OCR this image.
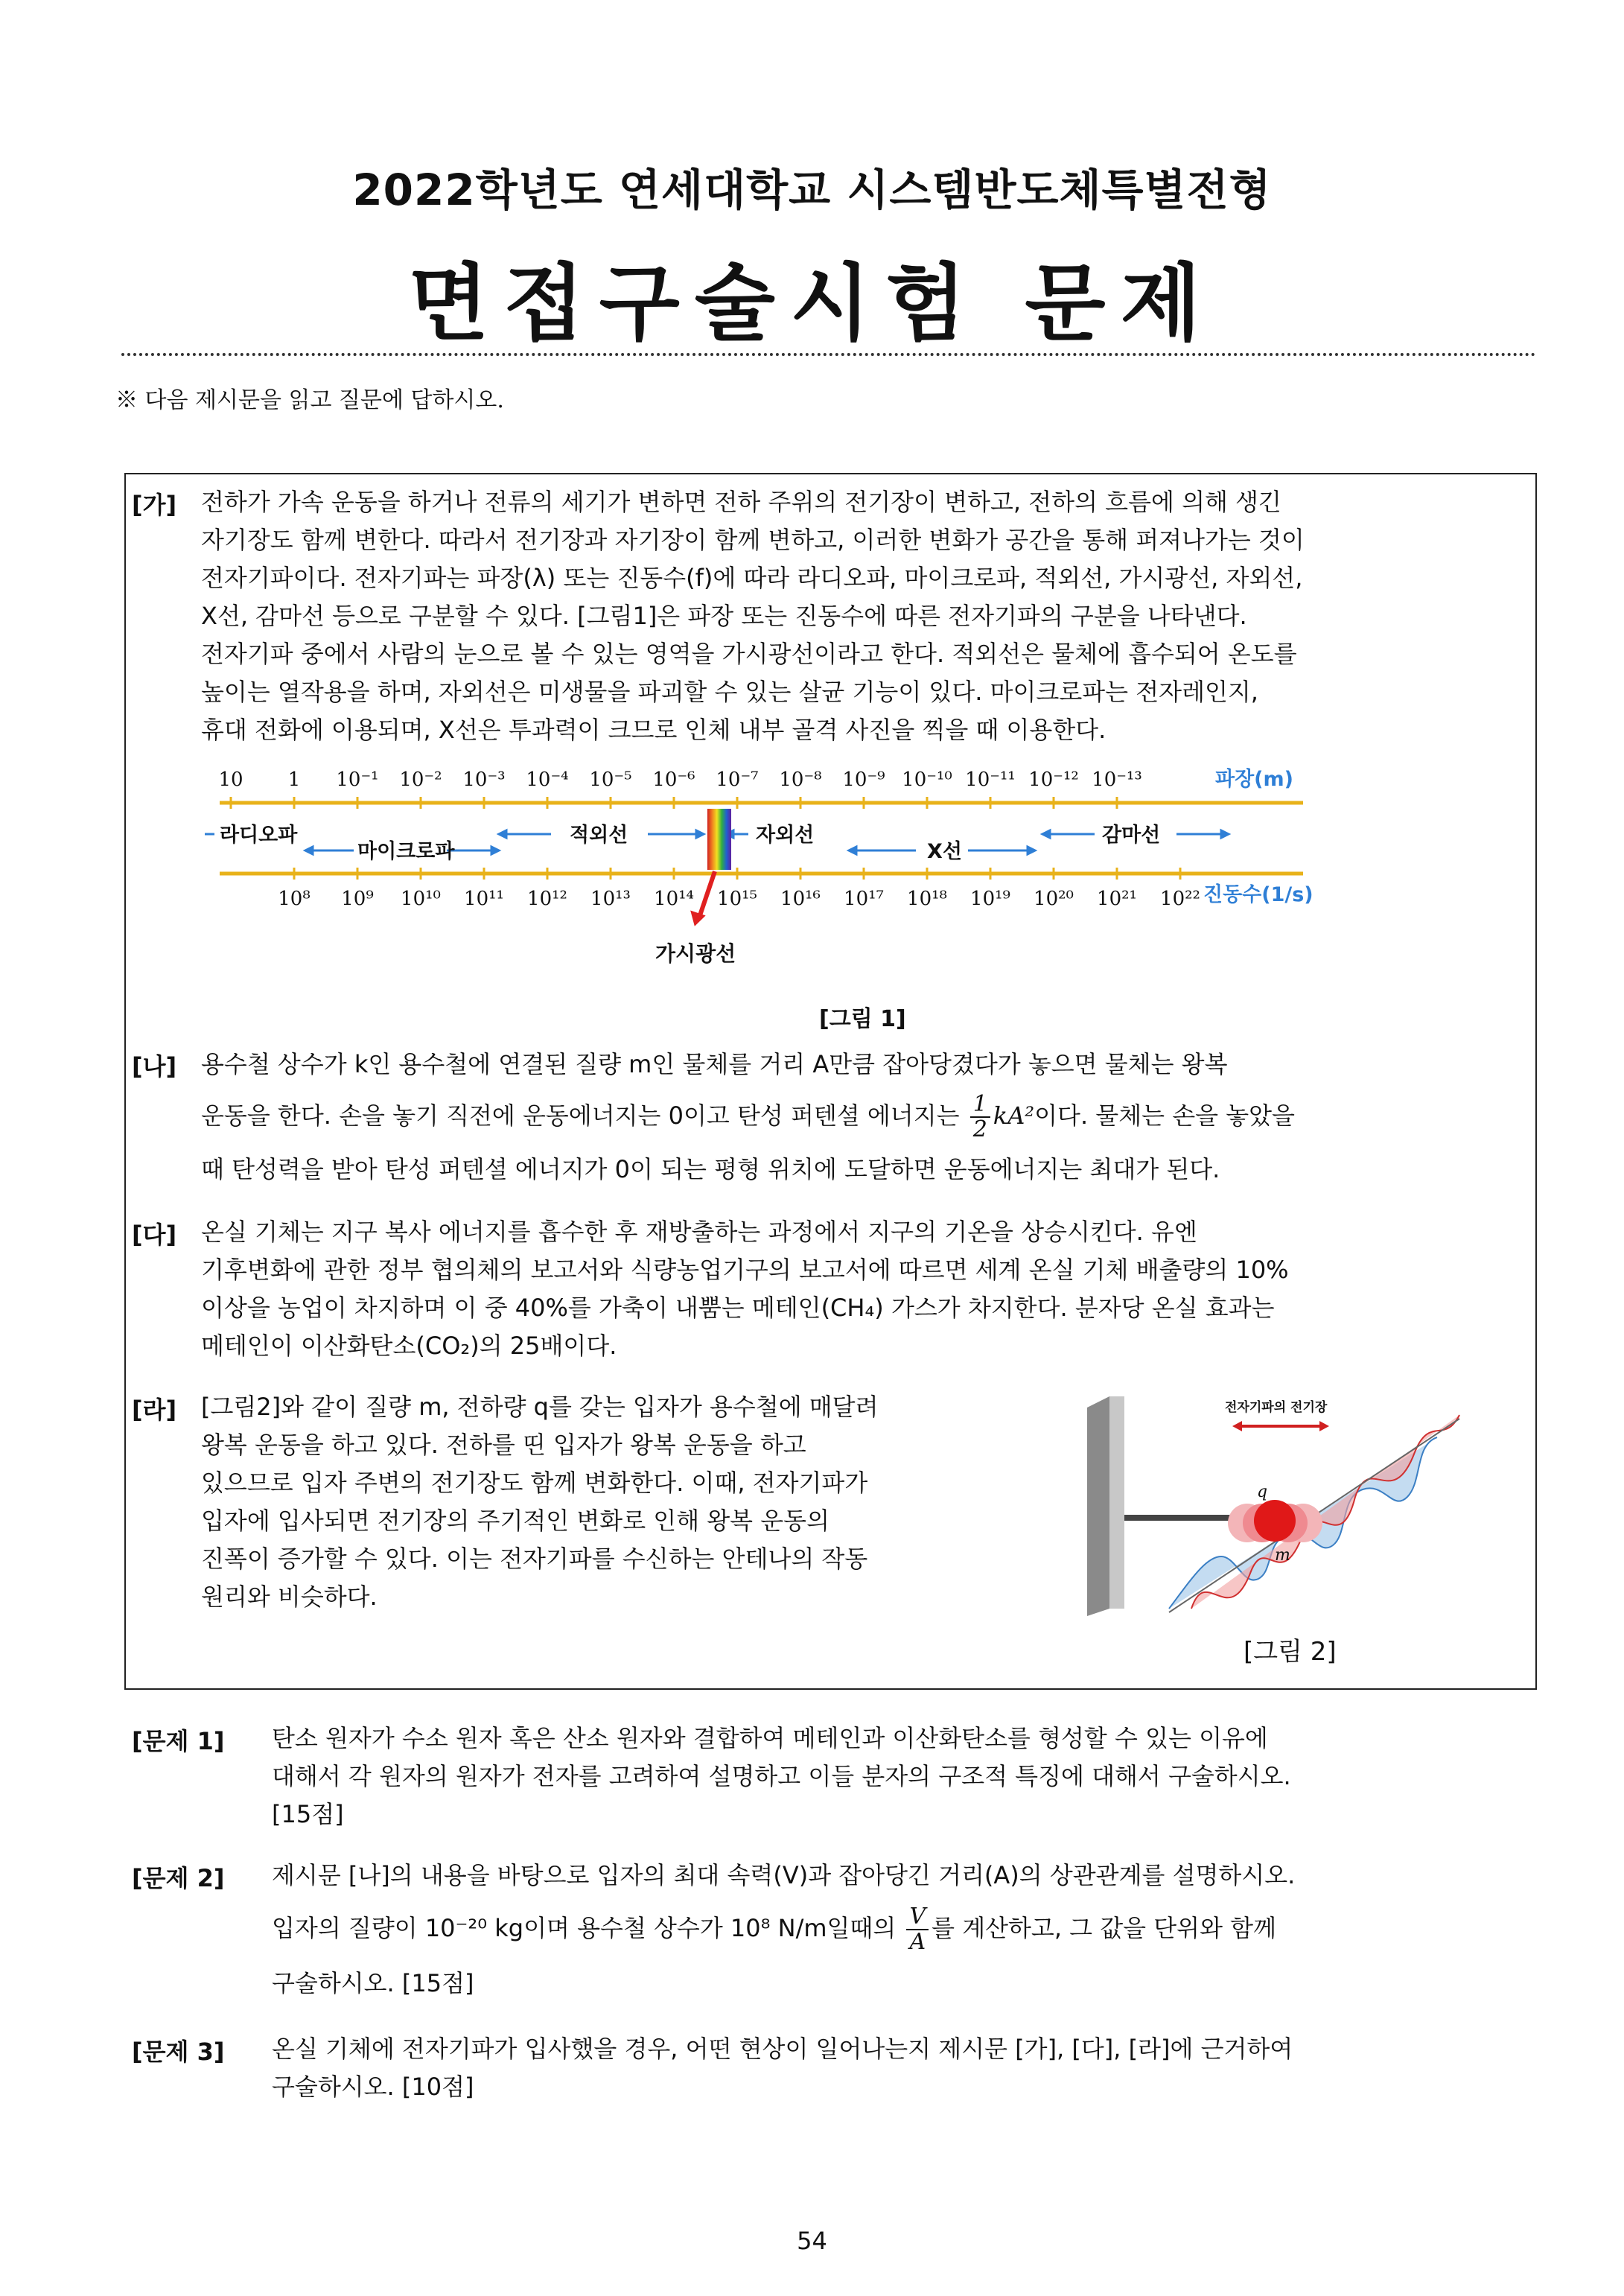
2022학년도 연세대학교 시스템반도체특별전형
면접구술시험 문제
※ 다음 제시문을 읽고 질문에 답하시오.
[가] 전하가 가속 운동을 하거나 전류의 세기가 변하면 전하 주위의 전기장이 변하고, 전하의 흐름에 의해 생긴

자기장도 함께 변한다. 따라서 전기장과 자기장이 함께 변하고, 이러한 변화가 공간을 통해 퍼져나가는 것이

전자기파이다. 전자기파는 파장(λ) 또는 진동수(f)에 따라 라디오파, 마이크로파, 적외선, 가시광선, 자외선,

X선, 감마선 등으로 구분할 수 있다. [그림1]은 파장 또는 진동수에 따른 전자기파의 구분을 나타낸다.

전자기파 중에서 사람의 눈으로 볼 수 있는 영역을 가시광선이라고 한다. 적외선은 물체에 흡수되어 온도를

높이는 열작용을 하며, 자외선은 미생물을 파괴할 수 있는 살균 기능이 있다. 마이크로파는 전자레인지,

휴대 전화에 이용되며, X선은 투과력이 크므로 인체 내부 골격 사진을 찍을 때 이용한다.

10 1 10⁻¹ 10⁻² 10⁻³ 10⁻⁴ 10⁻⁵ 10⁻⁶ 10⁻⁷ 10⁻⁸ 10⁻⁹ 10⁻¹⁰ 10⁻¹¹ 10⁻¹² 10⁻¹³
10⁸ 10⁹ 10¹⁰ 10¹¹ 10¹² 10¹³ 10¹⁴ 10¹⁵ 10¹⁶ 10¹⁷ 10¹⁸ 10¹⁹ 10²⁰ 10²¹ 10²²
파장(m)
진동수(1/s)
라디오파
마이크로파
적외선	자외선
X선
감마선
가시광선
[그림 1]
[나] 용수철 상수가 k인 용수철에 연결된 질량 m인 물체를 거리 A만큼 잡아당겼다가 놓으면 물체는 왕복

운동을 한다. 손을 놓기 직전에 운동에너지는 0이고 탄성 퍼텐셜 에너지는 $\frac{1}{2} kA^2$이다. 물체는 손을 놓았을

때 탄성력을 받아 탄성 퍼텐셜 에너지가 0이 되는 평형 위치에 도달하면 운동에너지는 최대가 된다.

[다] 온실 기체는 지구 복사 에너지를 흡수한 후 재방출하는 과정에서 지구의 기온을 상승시킨다. 유엔

기후변화에 관한 정부 협의체의 보고서와 식량농업기구의 보고서에 따르면 세계 온실 기체 배출량의 10%

이상을 농업이 차지하며 이 중 40%를 가축이 내뿜는 메테인(CH₄) 가스가 차지한다. 분자당 온실 효과는

메테인이 이산화탄소(CO₂)의 25배이다.

[라] [그림2]와 같이 질량 m, 전하량 q를 갖는 입자가 용수철에 매달려

왕복 운동을 하고 있다. 전하를 띤 입자가 왕복 운동을 하고

있으므로 입자 주변의 전기장도 함께 변화한다. 이때, 전자기파가

입자에 입사되면 전기장의 주기적인 변화로 인해 왕복 운동의

진폭이 증가할 수 있다. 이는 전자기파를 수신하는 안테나의 작동

원리와 비슷하다.

전자기파의 전기장
q
m
[그림 2]
[문제 1] 탄소 원자가 수소 원자 혹은 산소 원자와 결합하여 메테인과 이산화탄소를 형성할 수 있는 이유에

대해서 각 원자의 원자가 전자를 고려하여 설명하고 이들 분자의 구조적 특징에 대해서 구술하시오.

[15점]

[문제 2] 제시문 [나]의 내용을 바탕으로 입자의 최대 속력(V)과 잡아당긴 거리(A)의 상관관계를 설명하시오.

입자의 질량이 10⁻²⁰ kg이며 용수철 상수가 10⁸ N/m일때의 $\frac{V}{A}$ 를 계산하고, 그 값을 단위와 함께

구술하시오. [15점]

[문제 3] 온실 기체에 전자기파가 입사했을 경우, 어떤 현상이 일어나는지 제시문 [가], [다], [라]에 근거하여

구술하시오. [10점]

54
